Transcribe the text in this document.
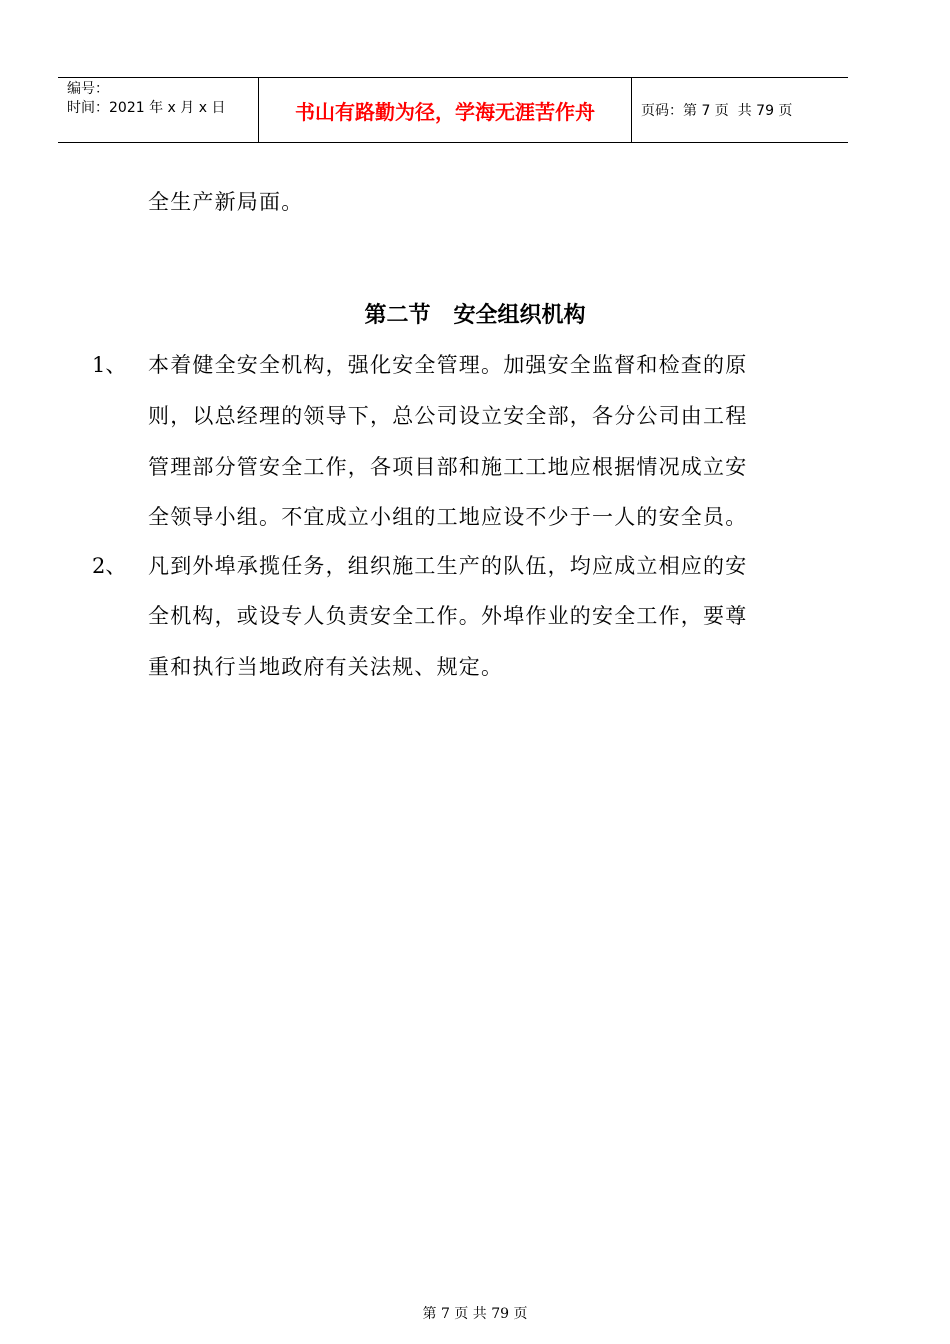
编号：
时间：2021 年 x 月 x 日	书山有路勤为径，学海无涯苦作舟	页码：第 7 页  共 79 页
全生产新局面。
第二节   安全组织机构
1、 本着健全安全机构，强化安全管理。加强安全监督和检查的原
则，以总经理的领导下，总公司设立安全部，各分公司由工程
管理部分管安全工作，各项目部和施工工地应根据情况成立安
全领导小组。不宜成立小组的工地应设不少于一人的安全员。
2、 凡到外埠承揽任务，组织施工生产的队伍，均应成立相应的安
全机构，或设专人负责安全工作。外埠作业的安全工作，要尊
重和执行当地政府有关法规、规定。
第 7 页 共 79 页
